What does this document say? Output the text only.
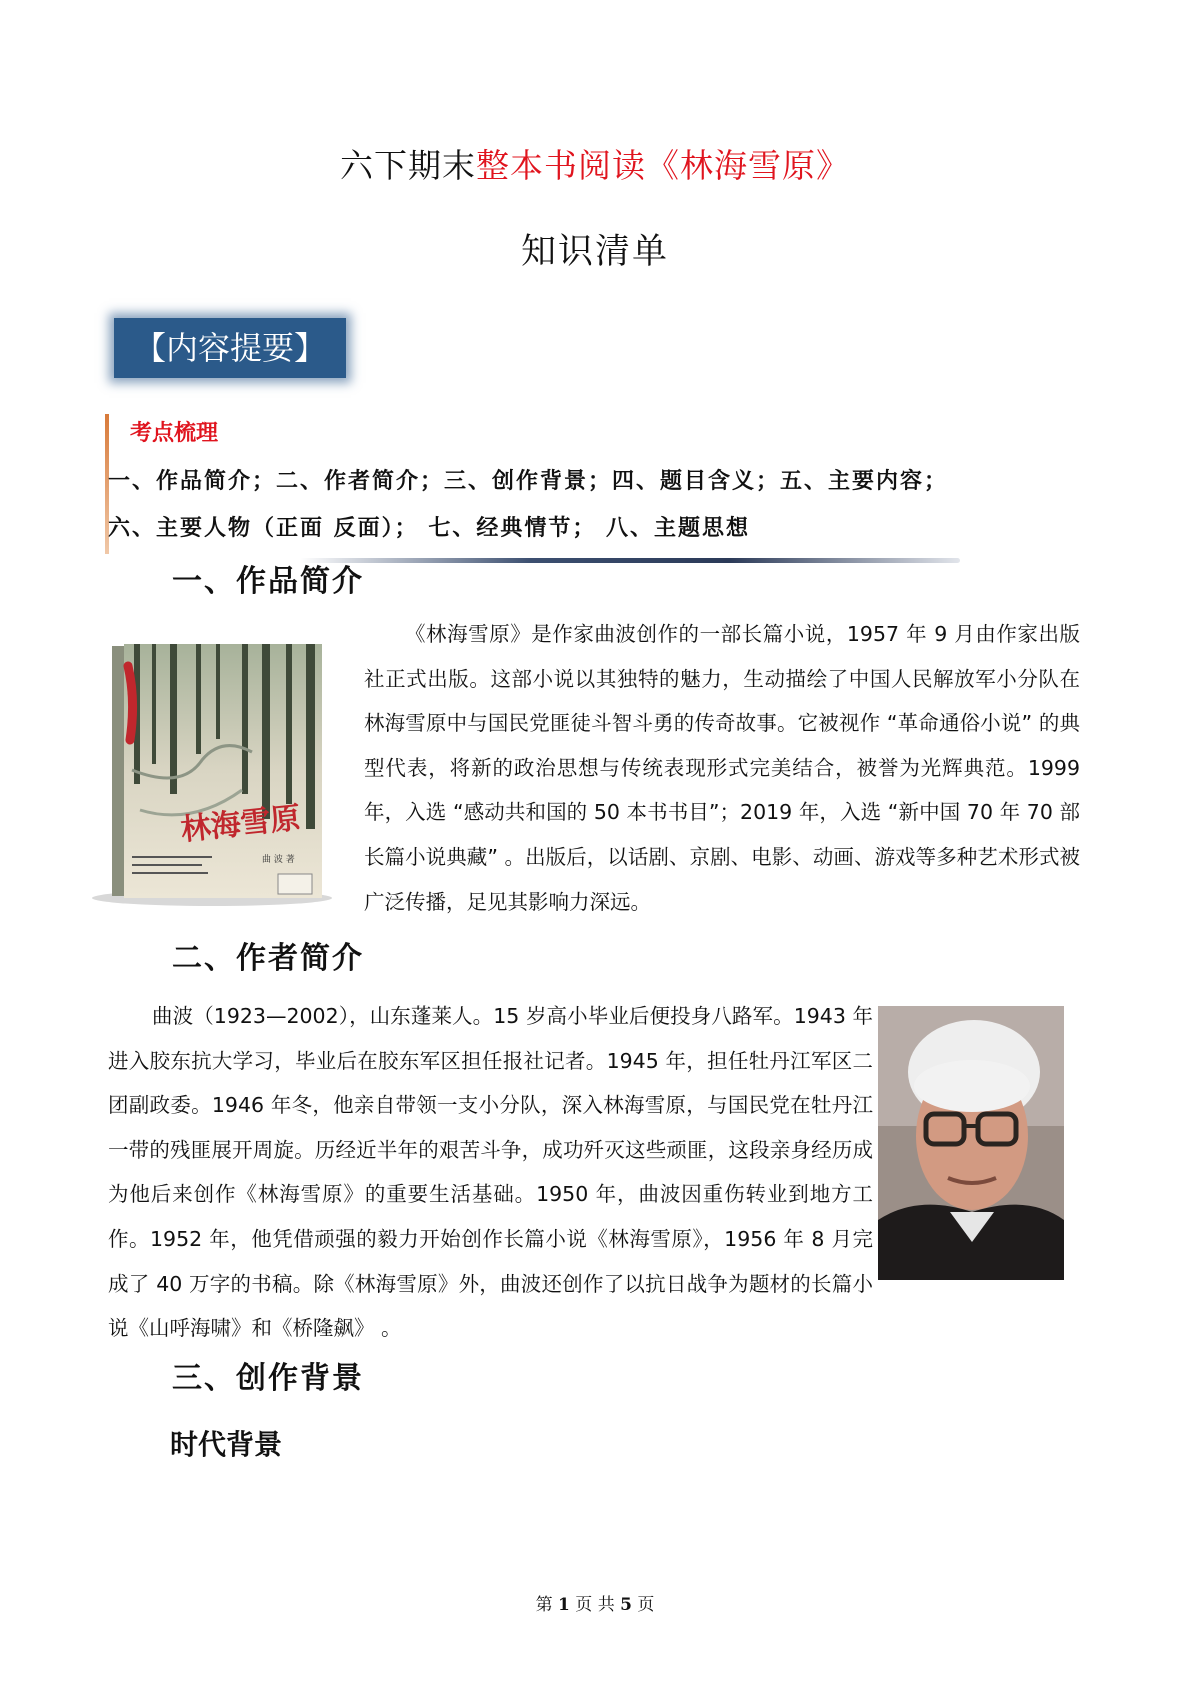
六下期末整本书阅读《林海雪原》
知识清单
【内容提要】
考点梳理
一、作品简介；二、作者简介；三、创作背景；四、题目含义；五、主要内容；
六、主要人物（正面 反面）； 七、经典情节； 八、主题思想
一、作品简介
林海雪原
曲 波 著
《林海雪原》是作家曲波创作的一部长篇小说，1957 年 9 月由作家出版社正式出版。这部小说以其独特的魅力，生动描绘了中国人民解放军小分队在林海雪原中与国民党匪徒斗智斗勇的传奇故事。它被视作 “革命通俗小说” 的典型代表，将新的政治思想与传统表现形式完美结合，被誉为光辉典范。1999 年，入选 “感动共和国的 50 本书书目”；2019 年，入选 “新中国 70 年 70 部长篇小说典藏” 。出版后，以话剧、京剧、电影、动画、游戏等多种艺术形式被广泛传播，足见其影响力深远。
二、作者简介
曲波（1923—2002），山东蓬莱人。15 岁高小毕业后便投身八路军。1943 年进入胶东抗大学习，毕业后在胶东军区担任报社记者。1945 年，担任牡丹江军区二团副政委。1946 年冬，他亲自带领一支小分队，深入林海雪原，与国民党在牡丹江一带的残匪展开周旋。历经近半年的艰苦斗争，成功歼灭这些顽匪，这段亲身经历成为他后来创作《林海雪原》的重要生活基础。1950 年，曲波因重伤转业到地方工作。1952 年，他凭借顽强的毅力开始创作长篇小说《林海雪原》，1956 年 8 月完成了 40 万字的书稿。除《林海雪原》外，曲波还创作了以抗日战争为题材的长篇小说《山呼海啸》和《桥隆飙》 。
三、创作背景
时代背景
第 1 页 共 5 页
